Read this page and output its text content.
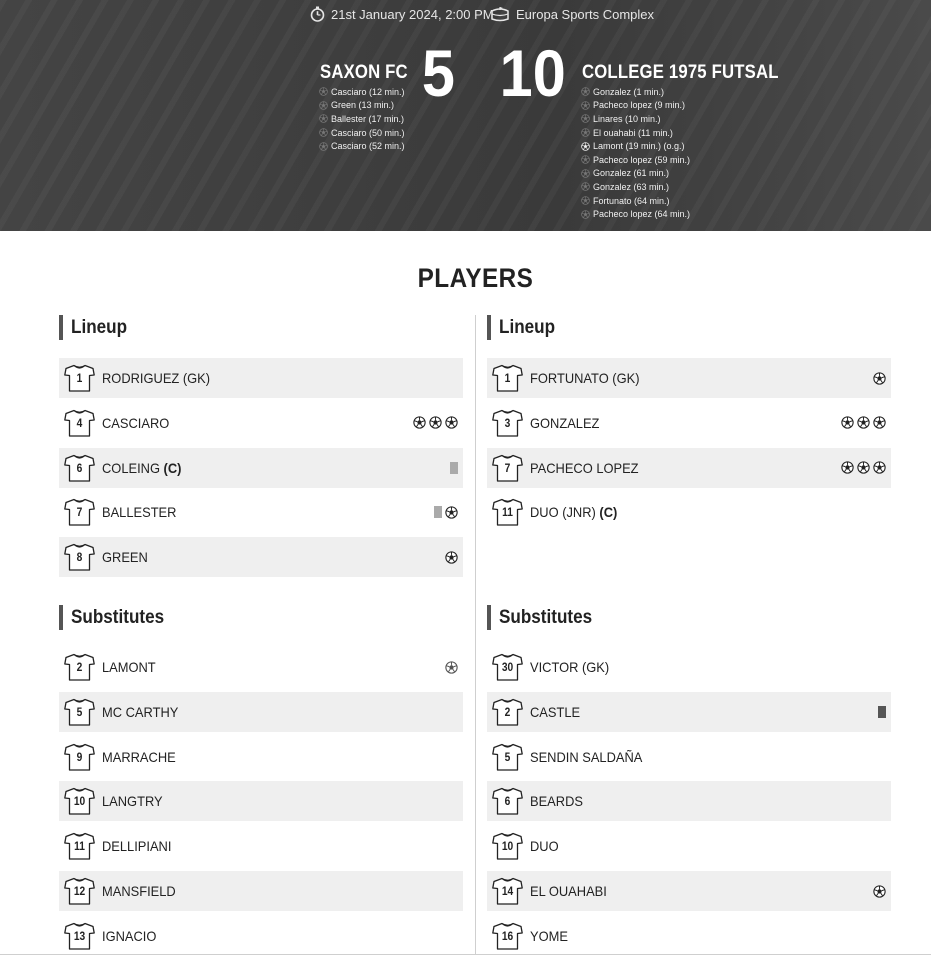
21st January 2024, 2:00 PM Europa Sports Complex
SAXON FC 5 10 COLLEGE 1975 FUTSAL
Casciaro (12 min.)
Green (13 min.)
Ballester (17 min.)
Casciaro (50 min.)
Casciaro (52 min.)
Gonzalez (1 min.)
Pacheco lopez (9 min.)
Linares (10 min.)
El ouahabi (11 min.)
Lamont (19 min.) (o.g.)
Pacheco lopez (59 min.)
Gonzalez (61 min.)
Gonzalez (63 min.)
Fortunato (64 min.)
Pacheco lopez (64 min.)
PLAYERS
Lineup
Substitutes
1	RODRIGUEZ (GK)
4	CASCIARO
6	COLEING (C)
7	BALLESTER
8	GREEN
2	LAMONT
5	MC CARTHY
9	MARRACHE
10	LANGTRY
11	DELLIPIANI
12	MANSFIELD
13	IGNACIO
Lineup
Substitutes
1	FORTUNATO (GK)
3	GONZALEZ
7	PACHECO LOPEZ
11	DUO (JNR) (C)
30	VICTOR (GK)
2	CASTLE
5	SENDIN SALDAÑA
6	BEARDS
10	DUO
14	EL OUAHABI
16	YOME
